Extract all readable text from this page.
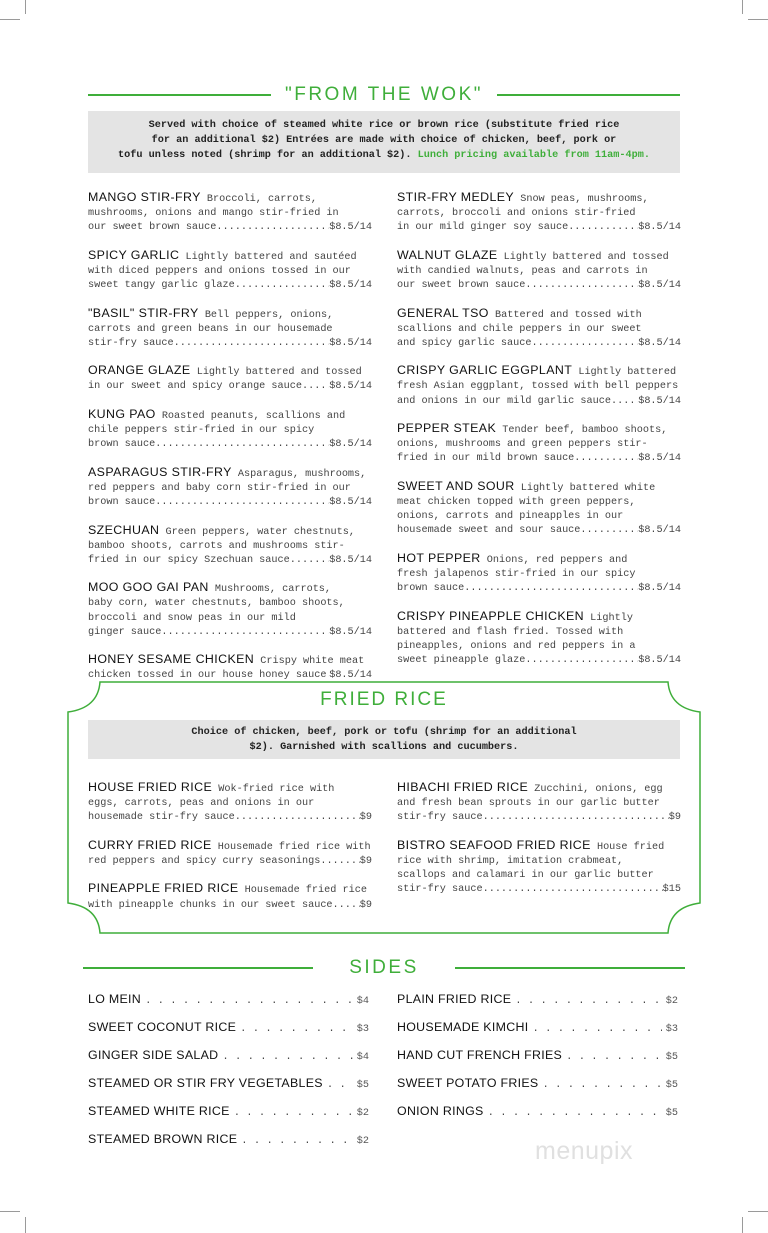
"FROM THE WOK"
Served with choice of steamed white rice or brown rice (substitute fried rice
for an additional $2) Entrées are made with choice of chicken, beef, pork or
tofu unless noted (shrimp for an additional $2). Lunch pricing available from 11am-4pm.
MANGO STIR-FRY Broccoli, carrots,
mushrooms, onions and mango stir-fried in
our sweet brown sauce .....	$8.5/14
SPICY GARLIC Lightly battered and sautéed
with diced peppers and onions tossed in our
sweet tangy garlic glaze .....	$8.5/14
"BASIL" STIR-FRY Bell peppers, onions,
carrots and green beans in our housemade
stir-fry sauce .....	$8.5/14
ORANGE GLAZE Lightly battered and tossed
in our sweet and spicy orange sauce .....	$8.5/14
KUNG PAO Roasted peanuts, scallions and
chile peppers stir-fried in our spicy
brown sauce .....	$8.5/14
ASPARAGUS STIR-FRY Asparagus, mushrooms,
red peppers and baby corn stir-fried in our
brown sauce .....	$8.5/14
SZECHUAN Green peppers, water chestnuts,
bamboo shoots, carrots and mushrooms stir-
fried in our spicy Szechuan sauce .....	$8.5/14
MOO GOO GAI PAN Mushrooms, carrots,
baby corn, water chestnuts, bamboo shoots,
broccoli and snow peas in our mild
ginger sauce .....	$8.5/14
HONEY SESAME CHICKEN Crispy white meat
chicken tossed in our house honey sauce ..... $8.5/14
STIR-FRY MEDLEY Snow peas, mushrooms,
carrots, broccoli and onions stir-fried
in our mild ginger soy sauce .....	$8.5/14
WALNUT GLAZE Lightly battered and tossed
with candied walnuts, peas and carrots in
our sweet brown sauce .....	$8.5/14
GENERAL TSO Battered and tossed with
scallions and chile peppers in our sweet
and spicy garlic sauce .....	$8.5/14
CRISPY GARLIC EGGPLANT Lightly battered
fresh Asian eggplant, tossed with bell peppers
and onions in our mild garlic sauce .....	$8.5/14
PEPPER STEAK Tender beef, bamboo shoots,
onions, mushrooms and green peppers stir-
fried in our mild brown sauce .....	$8.5/14
SWEET AND SOUR Lightly battered white
meat chicken topped with green peppers,
onions, carrots and pineapples in our
housemade sweet and sour sauce .....	$8.5/14
HOT PEPPER Onions, red peppers and
fresh jalapenos stir-fried in our spicy
brown sauce .....	$8.5/14
CRISPY PINEAPPLE CHICKEN Lightly
battered and flash fried. Tossed with
pineapples, onions and red peppers in a
sweet pineapple glaze .....	$8.5/14
FRIED RICE
Choice of chicken, beef, pork or tofu (shrimp for an additional
$2). Garnished with scallions and cucumbers.
HOUSE FRIED RICE Wok-fried rice with
eggs, carrots, peas and onions in our
housemade stir-fry sauce .....	$9
CURRY FRIED RICE Housemade fried rice with
red peppers and spicy curry seasonings .....	$9
PINEAPPLE FRIED RICE Housemade fried rice
with pineapple chunks in our sweet sauce .....	$9
HIBACHI FRIED RICE Zucchini, onions, egg
and fresh bean sprouts in our garlic butter
stir-fry sauce .....	$9
BISTRO SEAFOOD FRIED RICE House fried
rice with shrimp, imitation crabmeat,
scallops and calamari in our garlic butter
stir-fry sauce .....	$15
SIDES
LO MEIN . . .	$4
SWEET COCONUT RICE . . .	$3
GINGER SIDE SALAD . . .	$4
STEAMED OR STIR FRY VEGETABLES . . .	$5
STEAMED WHITE RICE . . .	$2
STEAMED BROWN RICE . . .	$2
PLAIN FRIED RICE . . .	$2
HOUSEMADE KIMCHI . . .	$3
HAND CUT FRENCH FRIES . . .	$5
SWEET POTATO FRIES . . .	$5
ONION RINGS . . .	$5
menupix
